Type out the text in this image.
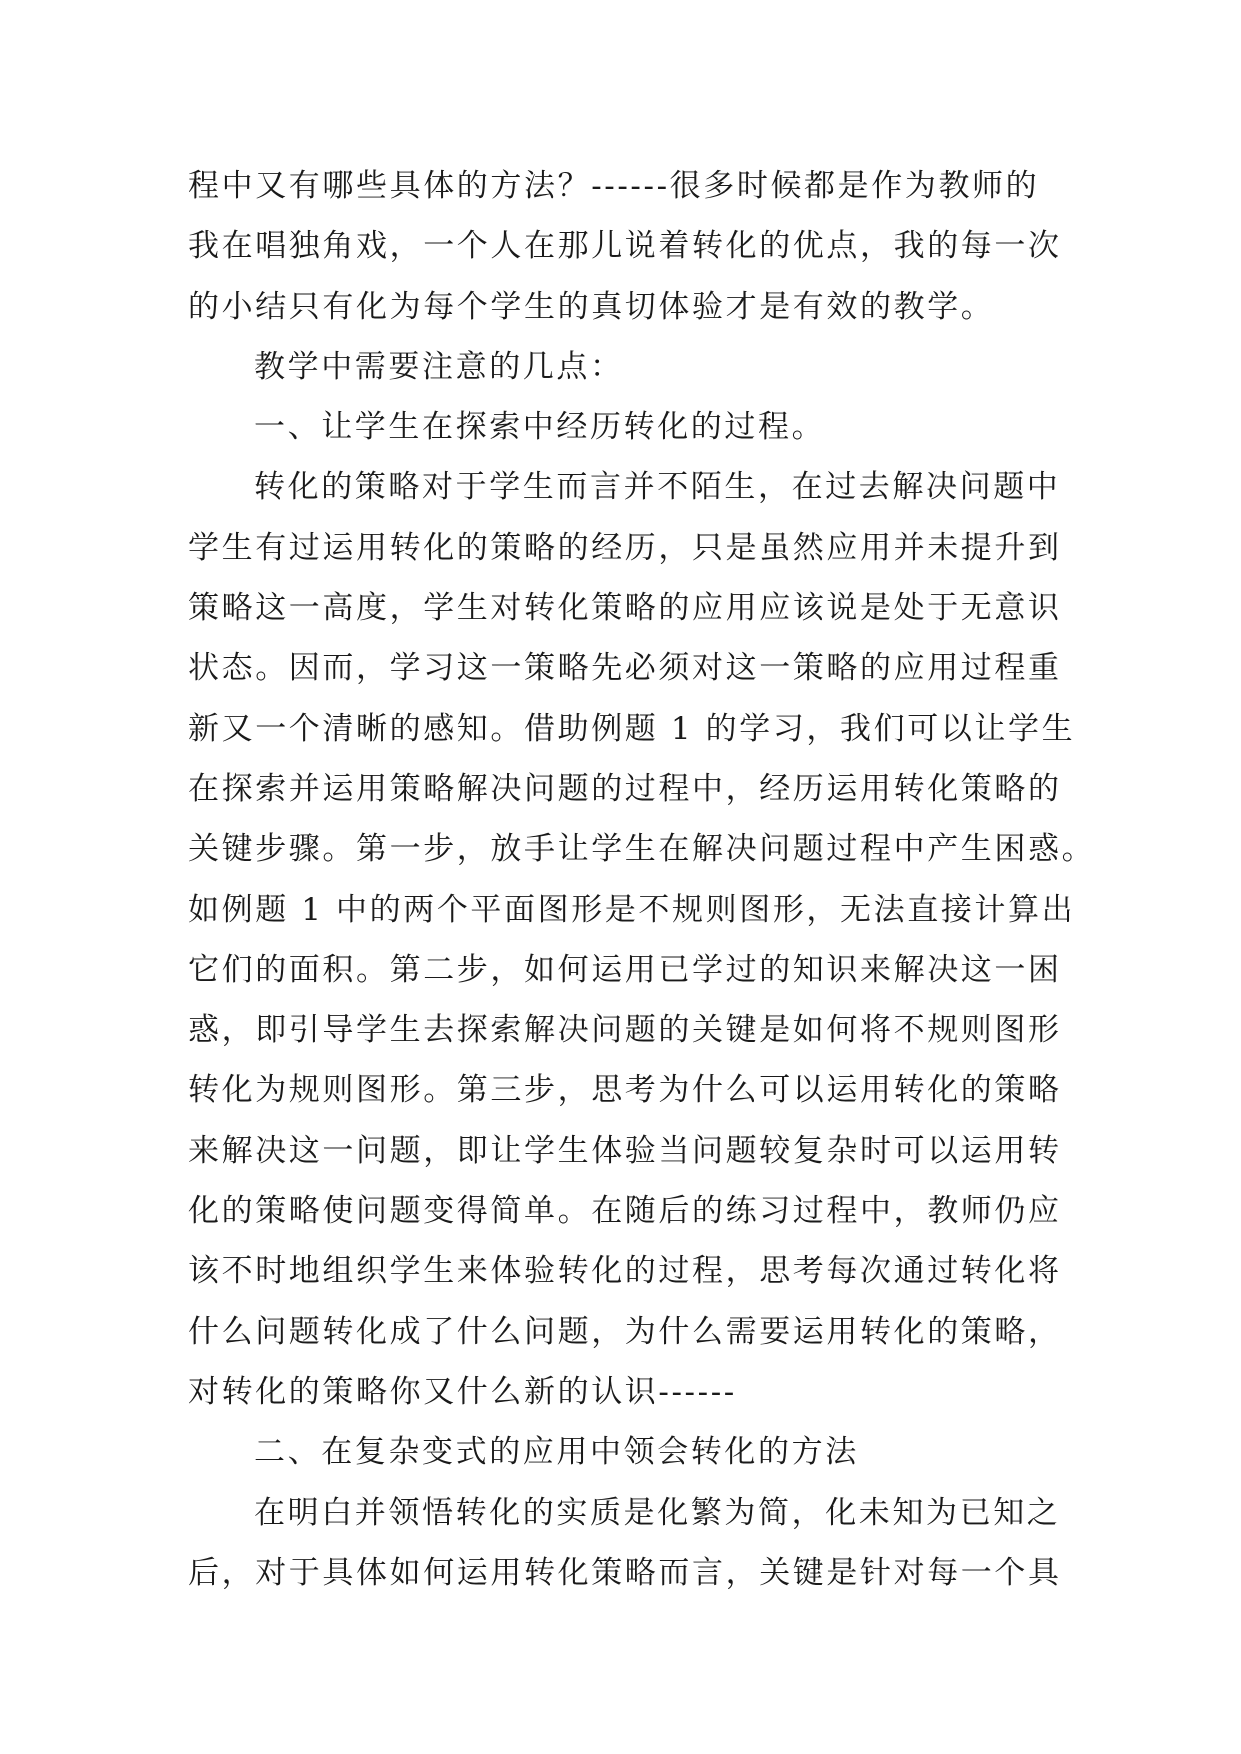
程中又有哪些具体的方法？------很多时候都是作为教师的
我在唱独角戏，一个人在那儿说着转化的优点，我的每一次
的小结只有化为每个学生的真切体验才是有效的教学。
教学中需要注意的几点：
一、让学生在探索中经历转化的过程。
转化的策略对于学生而言并不陌生，在过去解决问题中
学生有过运用转化的策略的经历，只是虽然应用并未提升到
策略这一高度，学生对转化策略的应用应该说是处于无意识
状态。因而，学习这一策略先必须对这一策略的应用过程重
新又一个清晰的感知。借助例题 1 的学习，我们可以让学生
在探索并运用策略解决问题的过程中，经历运用转化策略的
关键步骤。第一步，放手让学生在解决问题过程中产生困惑。
如例题 1 中的两个平面图形是不规则图形，无法直接计算出
它们的面积。第二步，如何运用已学过的知识来解决这一困
惑，即引导学生去探索解决问题的关键是如何将不规则图形
转化为规则图形。第三步，思考为什么可以运用转化的策略
来解决这一问题，即让学生体验当问题较复杂时可以运用转
化的策略使问题变得简单。在随后的练习过程中，教师仍应
该不时地组织学生来体验转化的过程，思考每次通过转化将
什么问题转化成了什么问题，为什么需要运用转化的策略，
对转化的策略你又什么新的认识------
二、在复杂变式的应用中领会转化的方法
在明白并领悟转化的实质是化繁为简，化未知为已知之
后，对于具体如何运用转化策略而言，关键是针对每一个具
